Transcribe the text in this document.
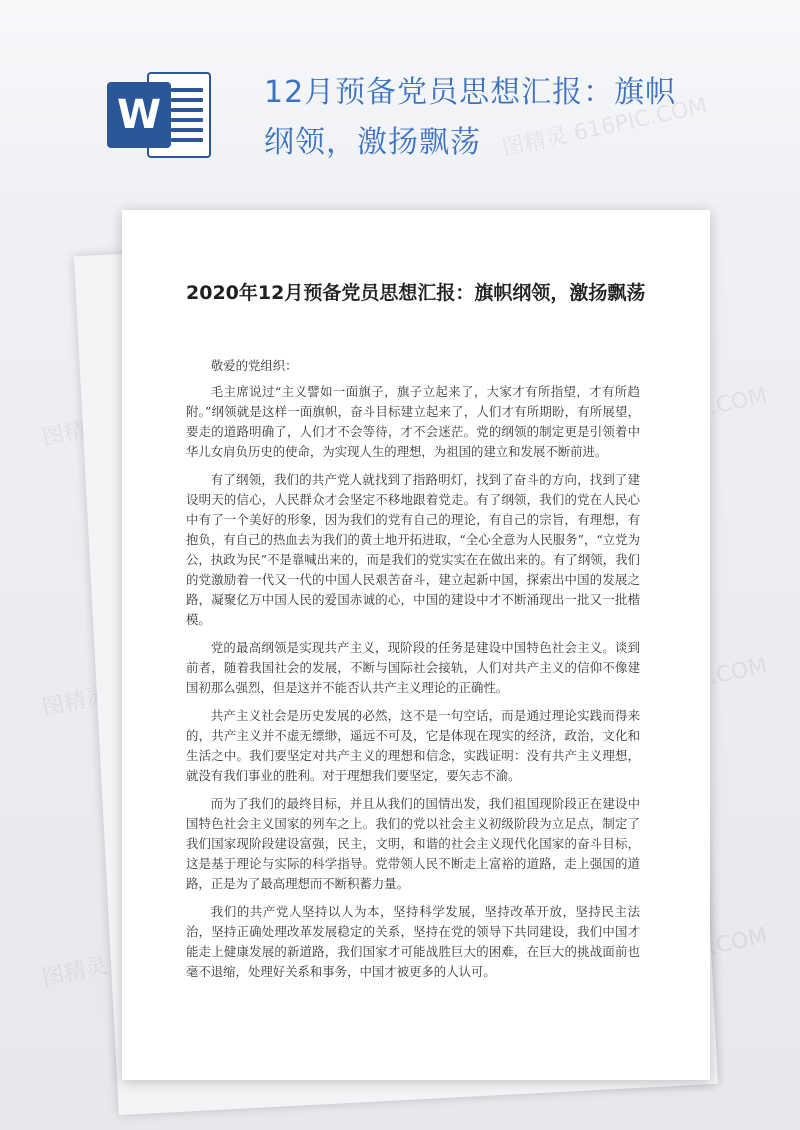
W	12月预备党员思想汇报：旗帜纲领，激扬飘荡
2020年12月预备党员思想汇报：旗帜纲领，激扬飘荡

敬爱的党组织：

毛主席说过“主义譬如一面旗子，旗子立起来了，大家才有所指望，才有所趋附。”纲领就是这样一面旗帜，奋斗目标建立起来了，人们才有所期盼，有所展望，要走的道路明确了，人们才不会等待，才不会迷茫。党的纲领的制定更是引领着中华儿女肩负历史的使命，为实现人生的理想，为祖国的建立和发展不断前进。

有了纲领，我们的共产党人就找到了指路明灯，找到了奋斗的方向，找到了建设明天的信心，人民群众才会坚定不移地跟着党走。有了纲领，我们的党在人民心中有了一个美好的形象，因为我们的党有自己的理论，有自己的宗旨，有理想，有抱负，有自己的热血去为我们的黄土地开拓进取，“全心全意为人民服务”，“立党为公，执政为民”不是靠喊出来的，而是我们的党实实在在做出来的。有了纲领，我们的党激励着一代又一代的中国人民艰苦奋斗，建立起新中国，探索出中国的发展之路，凝聚亿万中国人民的爱国赤诚的心，中国的建设中才不断涌现出一批又一批楷模。

党的最高纲领是实现共产主义，现阶段的任务是建设中国特色社会主义。谈到前者，随着我国社会的发展，不断与国际社会接轨，人们对共产主义的信仰不像建国初那么强烈，但是这并不能否认共产主义理论的正确性。

共产主义社会是历史发展的必然，这不是一句空话，而是通过理论实践而得来的，共产主义并不虚无缥缈，遥远不可及，它是体现在现实的经济，政治，文化和生活之中。我们要坚定对共产主义的理想和信念，实践证明：没有共产主义理想，就没有我们事业的胜利。对于理想我们要坚定，要矢志不渝。

而为了我们的最终目标，并且从我们的国情出发，我们祖国现阶段正在建设中国特色社会主义国家的列车之上。我们的党以社会主义初级阶段为立足点，制定了我们国家现阶段建设富强，民主，文明，和谐的社会主义现代化国家的奋斗目标，这是基于理论与实际的科学指导。党带领人民不断走上富裕的道路，走上强国的道路，正是为了最高理想而不断积蓄力量。

我们的共产党人坚持以人为本，坚持科学发展，坚持改革开放，坚持民主法治，坚持正确处理改革发展稳定的关系，坚持在党的领导下共同建设，我们中国才能走上健康发展的新道路，我们国家才可能战胜巨大的困难，在巨大的挑战面前也毫不退缩，处理好关系和事务，中国才被更多的人认可。
